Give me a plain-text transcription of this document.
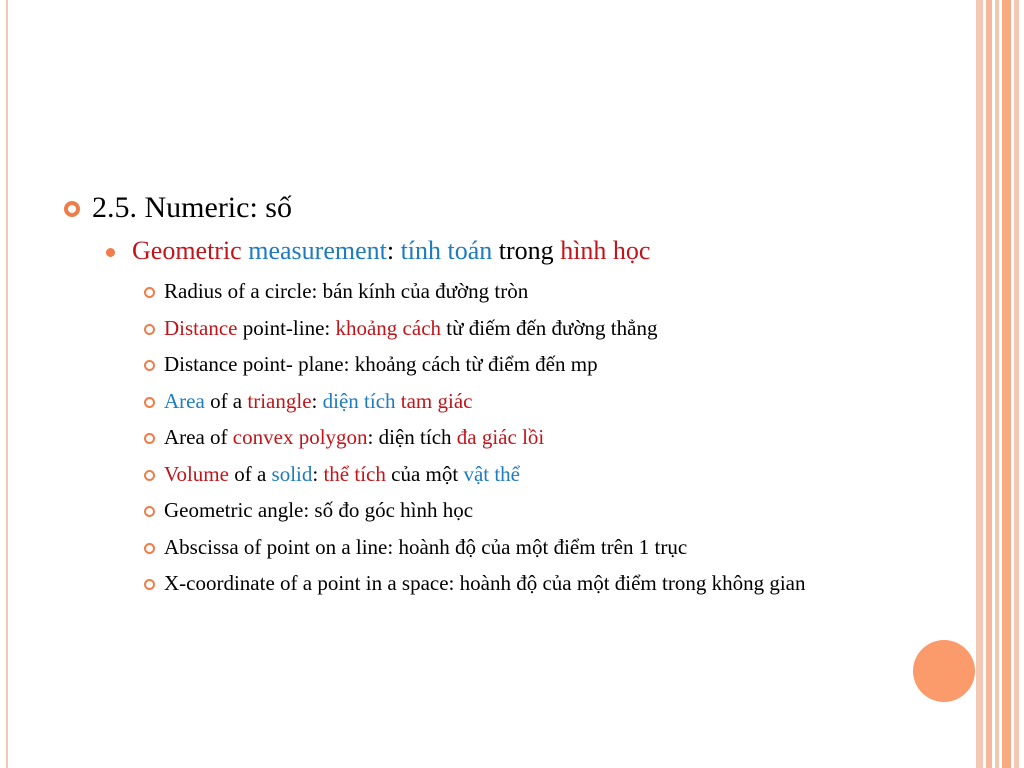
2.5. Numeric: số
Geometric measurement: tính toán trong hình học
Radius of a circle: bán kính của đường tròn
Distance point-line: khoảng cách từ điếm đến đường thẳng
Distance point- plane: khoảng cách từ điểm đến mp
Area of a triangle: diện tích tam giác
Area of convex polygon: diện tích đa giác lồi
Volume of a solid: thể tích của một vật thể
Geometric angle: số đo góc hình học
Abscissa of point on a line: hoành độ của một điểm trên 1 trục
X-coordinate of a point in a space: hoành độ của một điểm trong không gian
